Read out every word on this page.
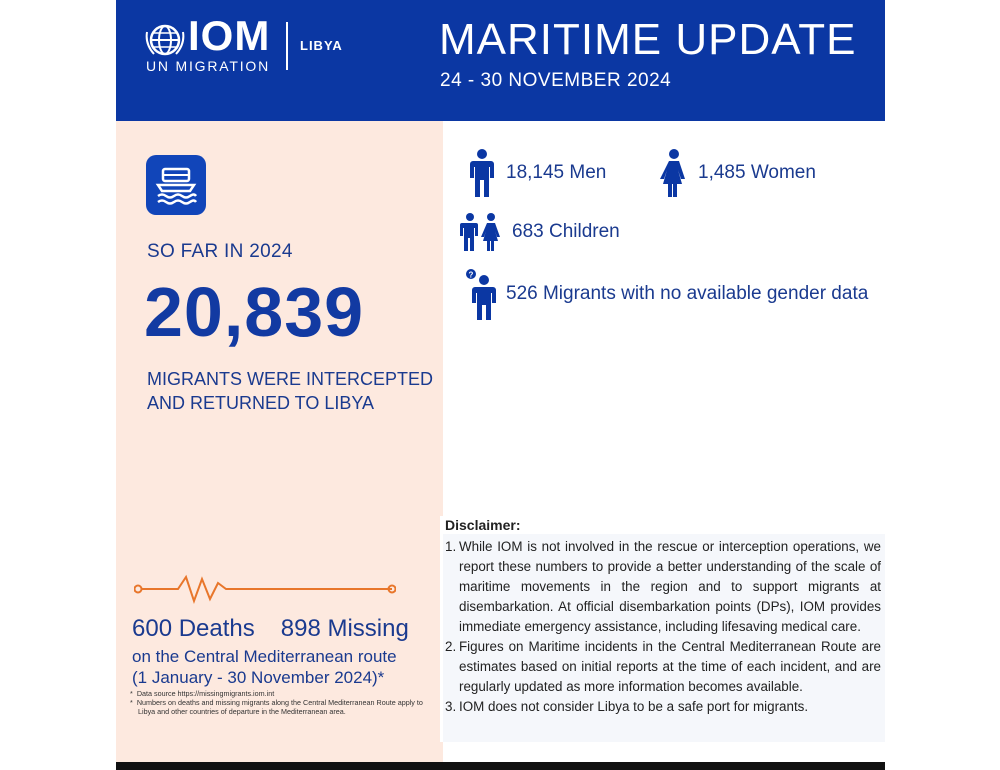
IOM
UN MIGRATION
LIBYA MARITIME UPDATE
24 - 30 NOVEMBER 2024
SO FAR IN 2024
20,839
MIGRANTS WERE INTERCEPTED AND RETURNED TO LIBYA
600 Deaths 898 Missing
on the Central Mediterranean route
(1 January - 30 November 2024)*
* Data source https://missingmigrants.iom.int
* Numbers on deaths and missing migrants along the Central Mediterranean Route apply to Libya and other countries of departure in the Mediterranean area.
18,145 Men	1,485 Women
683 Children
?
526 Migrants with no available gender data
Disclaimer:
1. While IOM is not involved in the rescue or interception operations, we report these numbers to provide a better understanding of the scale of maritime movements in the region and to support migrants at disembarkation. At official disembarkation points (DPs), IOM provides immediate emergency assistance, including lifesaving medical care.
2. Figures on Maritime incidents in the Central Mediterranean Route are estimates based on initial reports at the time of each incident, and are regularly updated as more information becomes available.
3. IOM does not consider Libya to be a safe port for migrants.
